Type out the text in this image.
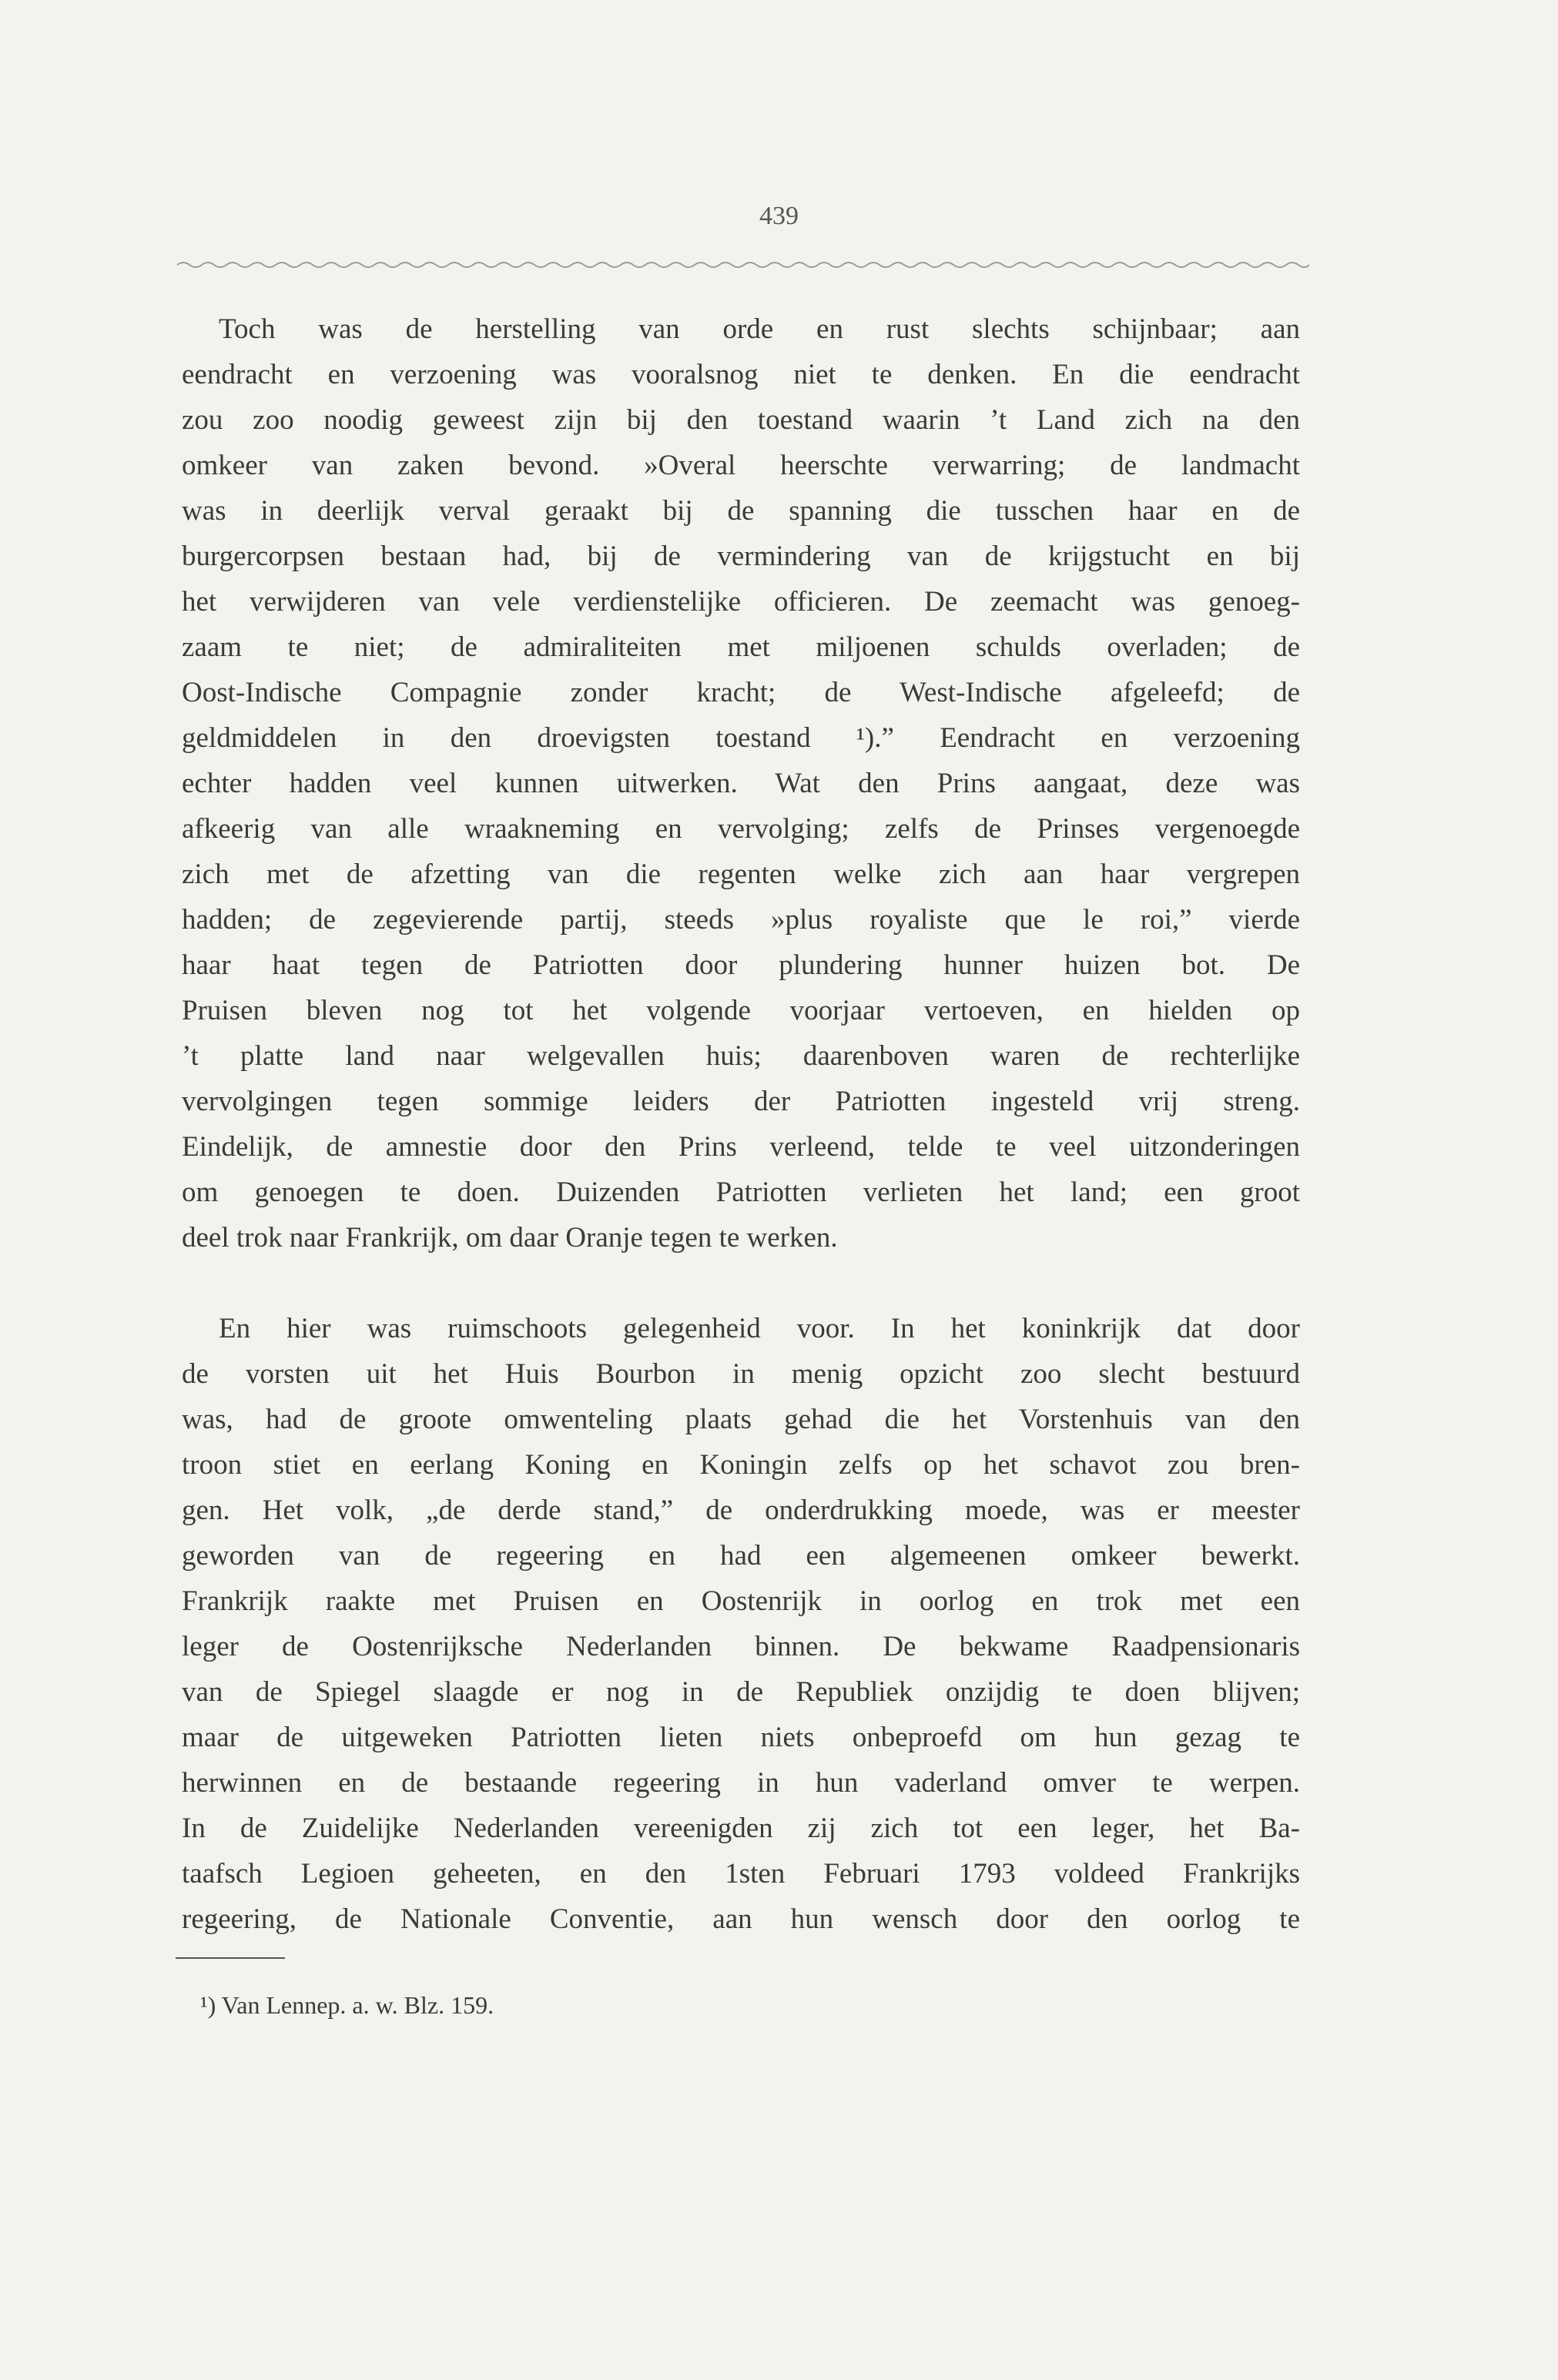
439
Toch was de herstelling van orde en rust slechts schijnbaar; aan
eendracht en verzoening was vooralsnog niet te denken. En die eendracht
zou zoo noodig geweest zijn bij den toestand waarin ’t Land zich na den
omkeer van zaken bevond. »Overal heerschte verwarring; de landmacht
was in deerlijk verval geraakt bij de spanning die tusschen haar en de
burgercorpsen bestaan had, bij de vermindering van de krijgstucht en bij
het verwijderen van vele verdienstelijke officieren. De zeemacht was genoeg-
zaam te niet; de admiraliteiten met miljoenen schulds overladen; de
Oost-Indische Compagnie zonder kracht; de West-Indische afgeleefd; de
geldmiddelen in den droevigsten toestand ¹).” Eendracht en verzoening
echter hadden veel kunnen uitwerken. Wat den Prins aangaat, deze was
afkeerig van alle wraakneming en vervolging; zelfs de Prinses vergenoegde
zich met de afzetting van die regenten welke zich aan haar vergrepen
hadden; de zegevierende partij, steeds »plus royaliste que le roi,” vierde
haar haat tegen de Patriotten door plundering hunner huizen bot. De
Pruisen bleven nog tot het volgende voorjaar vertoeven, en hielden op
’t platte land naar welgevallen huis; daarenboven waren de rechterlijke
vervolgingen tegen sommige leiders der Patriotten ingesteld vrij streng.
Eindelijk, de amnestie door den Prins verleend, telde te veel uitzonderingen
om genoegen te doen. Duizenden Patriotten verlieten het land; een groot
deel trok naar Frankrijk, om daar Oranje tegen te werken.
En hier was ruimschoots gelegenheid voor. In het koninkrijk dat door
de vorsten uit het Huis Bourbon in menig opzicht zoo slecht bestuurd
was, had de groote omwenteling plaats gehad die het Vorstenhuis van den
troon stiet en eerlang Koning en Koningin zelfs op het schavot zou bren-
gen. Het volk, „de derde stand,” de onderdrukking moede, was er meester
geworden van de regeering en had een algemeenen omkeer bewerkt.
Frankrijk raakte met Pruisen en Oostenrijk in oorlog en trok met een
leger de Oostenrijksche Nederlanden binnen. De bekwame Raadpensionaris
van de Spiegel slaagde er nog in de Republiek onzijdig te doen blijven;
maar de uitgeweken Patriotten lieten niets onbeproefd om hun gezag te
herwinnen en de bestaande regeering in hun vaderland omver te werpen.
In de Zuidelijke Nederlanden vereenigden zij zich tot een leger, het Ba-
taafsch Legioen geheeten, en den 1sten Februari 1793 voldeed Frankrijks
regeering, de Nationale Conventie, aan hun wensch door den oorlog te
¹) Van Lennep. a. w. Blz. 159.
